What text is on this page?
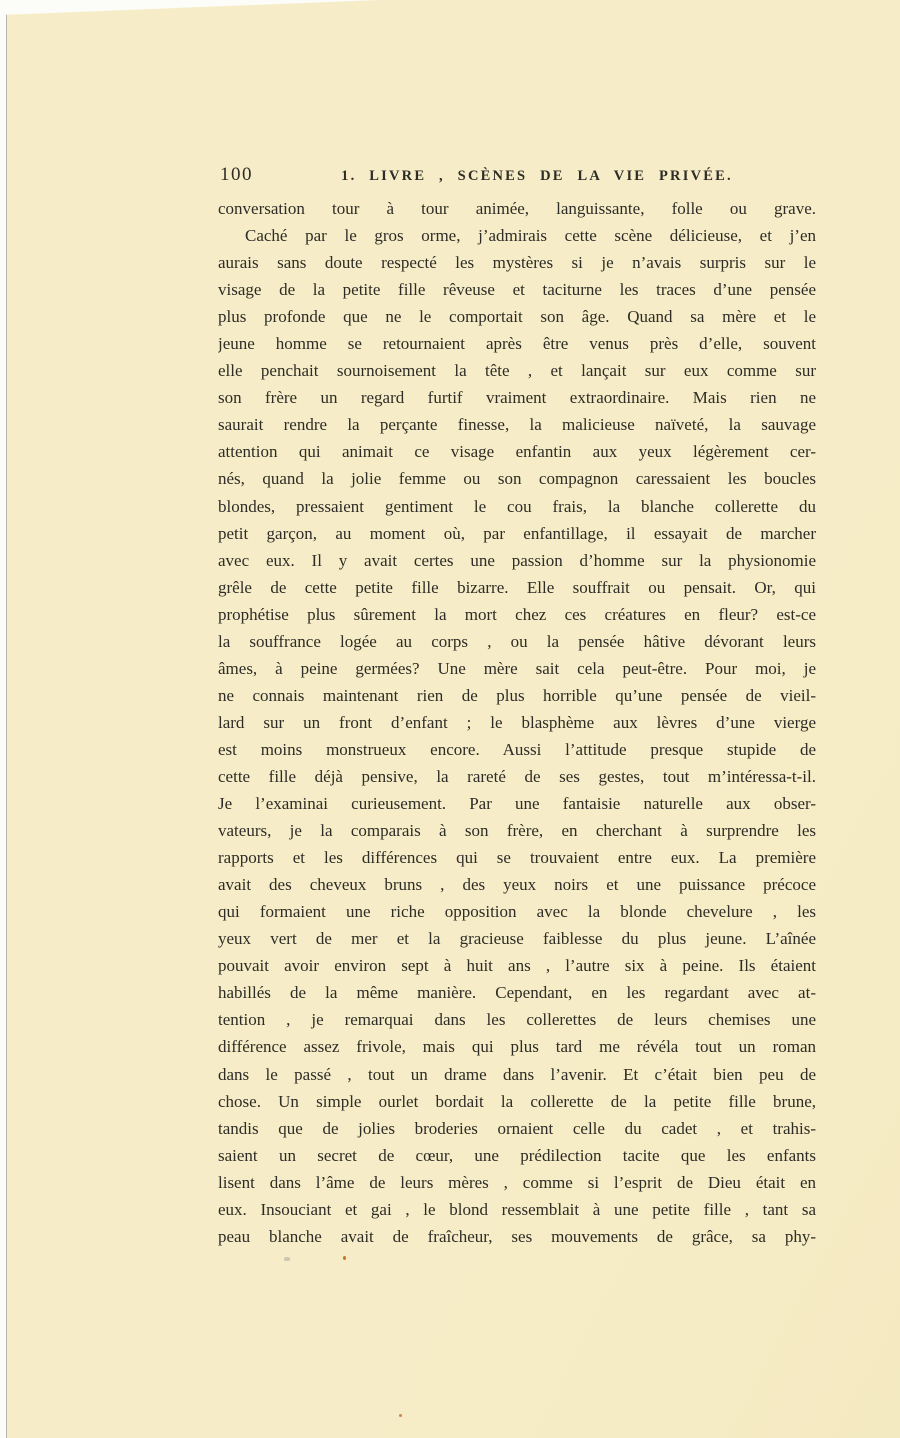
100	1. LIVRE , SCÈNES DE LA VIE PRIVÉE.
conversation tour à tour animée, languissante, folle ou grave.
Caché par le gros orme, j’admirais cette scène délicieuse, et j’en
aurais sans doute respecté les mystères si je n’avais surpris sur le
visage de la petite fille rêveuse et taciturne les traces d’une pensée
plus profonde que ne le comportait son âge. Quand sa mère et le
jeune homme se retournaient après être venus près d’elle, souvent
elle penchait sournoisement la tête , et lançait sur eux comme sur
son frère un regard furtif vraiment extraordinaire. Mais rien ne
saurait rendre la perçante finesse, la malicieuse naïveté, la sauvage
attention qui animait ce visage enfantin aux yeux légèrement cer-
nés, quand la jolie femme ou son compagnon caressaient les boucles
blondes, pressaient gentiment le cou frais, la blanche collerette du
petit garçon, au moment où, par enfantillage, il essayait de marcher
avec eux. Il y avait certes une passion d’homme sur la physionomie
grêle de cette petite fille bizarre. Elle souffrait ou pensait. Or, qui
prophétise plus sûrement la mort chez ces créatures en fleur? est-ce
la souffrance logée au corps , ou la pensée hâtive dévorant leurs
âmes, à peine germées? Une mère sait cela peut-être. Pour moi, je
ne connais maintenant rien de plus horrible qu’une pensée de vieil-
lard sur un front d’enfant ; le blasphème aux lèvres d’une vierge
est moins monstrueux encore. Aussi l’attitude presque stupide de
cette fille déjà pensive, la rareté de ses gestes, tout m’intéressa-t-il.
Je l’examinai curieusement. Par une fantaisie naturelle aux obser-
vateurs, je la comparais à son frère, en cherchant à surprendre les
rapports et les différences qui se trouvaient entre eux. La première
avait des cheveux bruns , des yeux noirs et une puissance précoce
qui formaient une riche opposition avec la blonde chevelure , les
yeux vert de mer et la gracieuse faiblesse du plus jeune. L’aînée
pouvait avoir environ sept à huit ans , l’autre six à peine. Ils étaient
habillés de la même manière. Cependant, en les regardant avec at-
tention , je remarquai dans les collerettes de leurs chemises une
différence assez frivole, mais qui plus tard me révéla tout un roman
dans le passé , tout un drame dans l’avenir. Et c’était bien peu de
chose. Un simple ourlet bordait la collerette de la petite fille brune,
tandis que de jolies broderies ornaient celle du cadet , et trahis-
saient un secret de cœur, une prédilection tacite que les enfants
lisent dans l’âme de leurs mères , comme si l’esprit de Dieu était en
eux. Insouciant et gai , le blond ressemblait à une petite fille , tant sa
peau blanche avait de fraîcheur, ses mouvements de grâce, sa phy-
